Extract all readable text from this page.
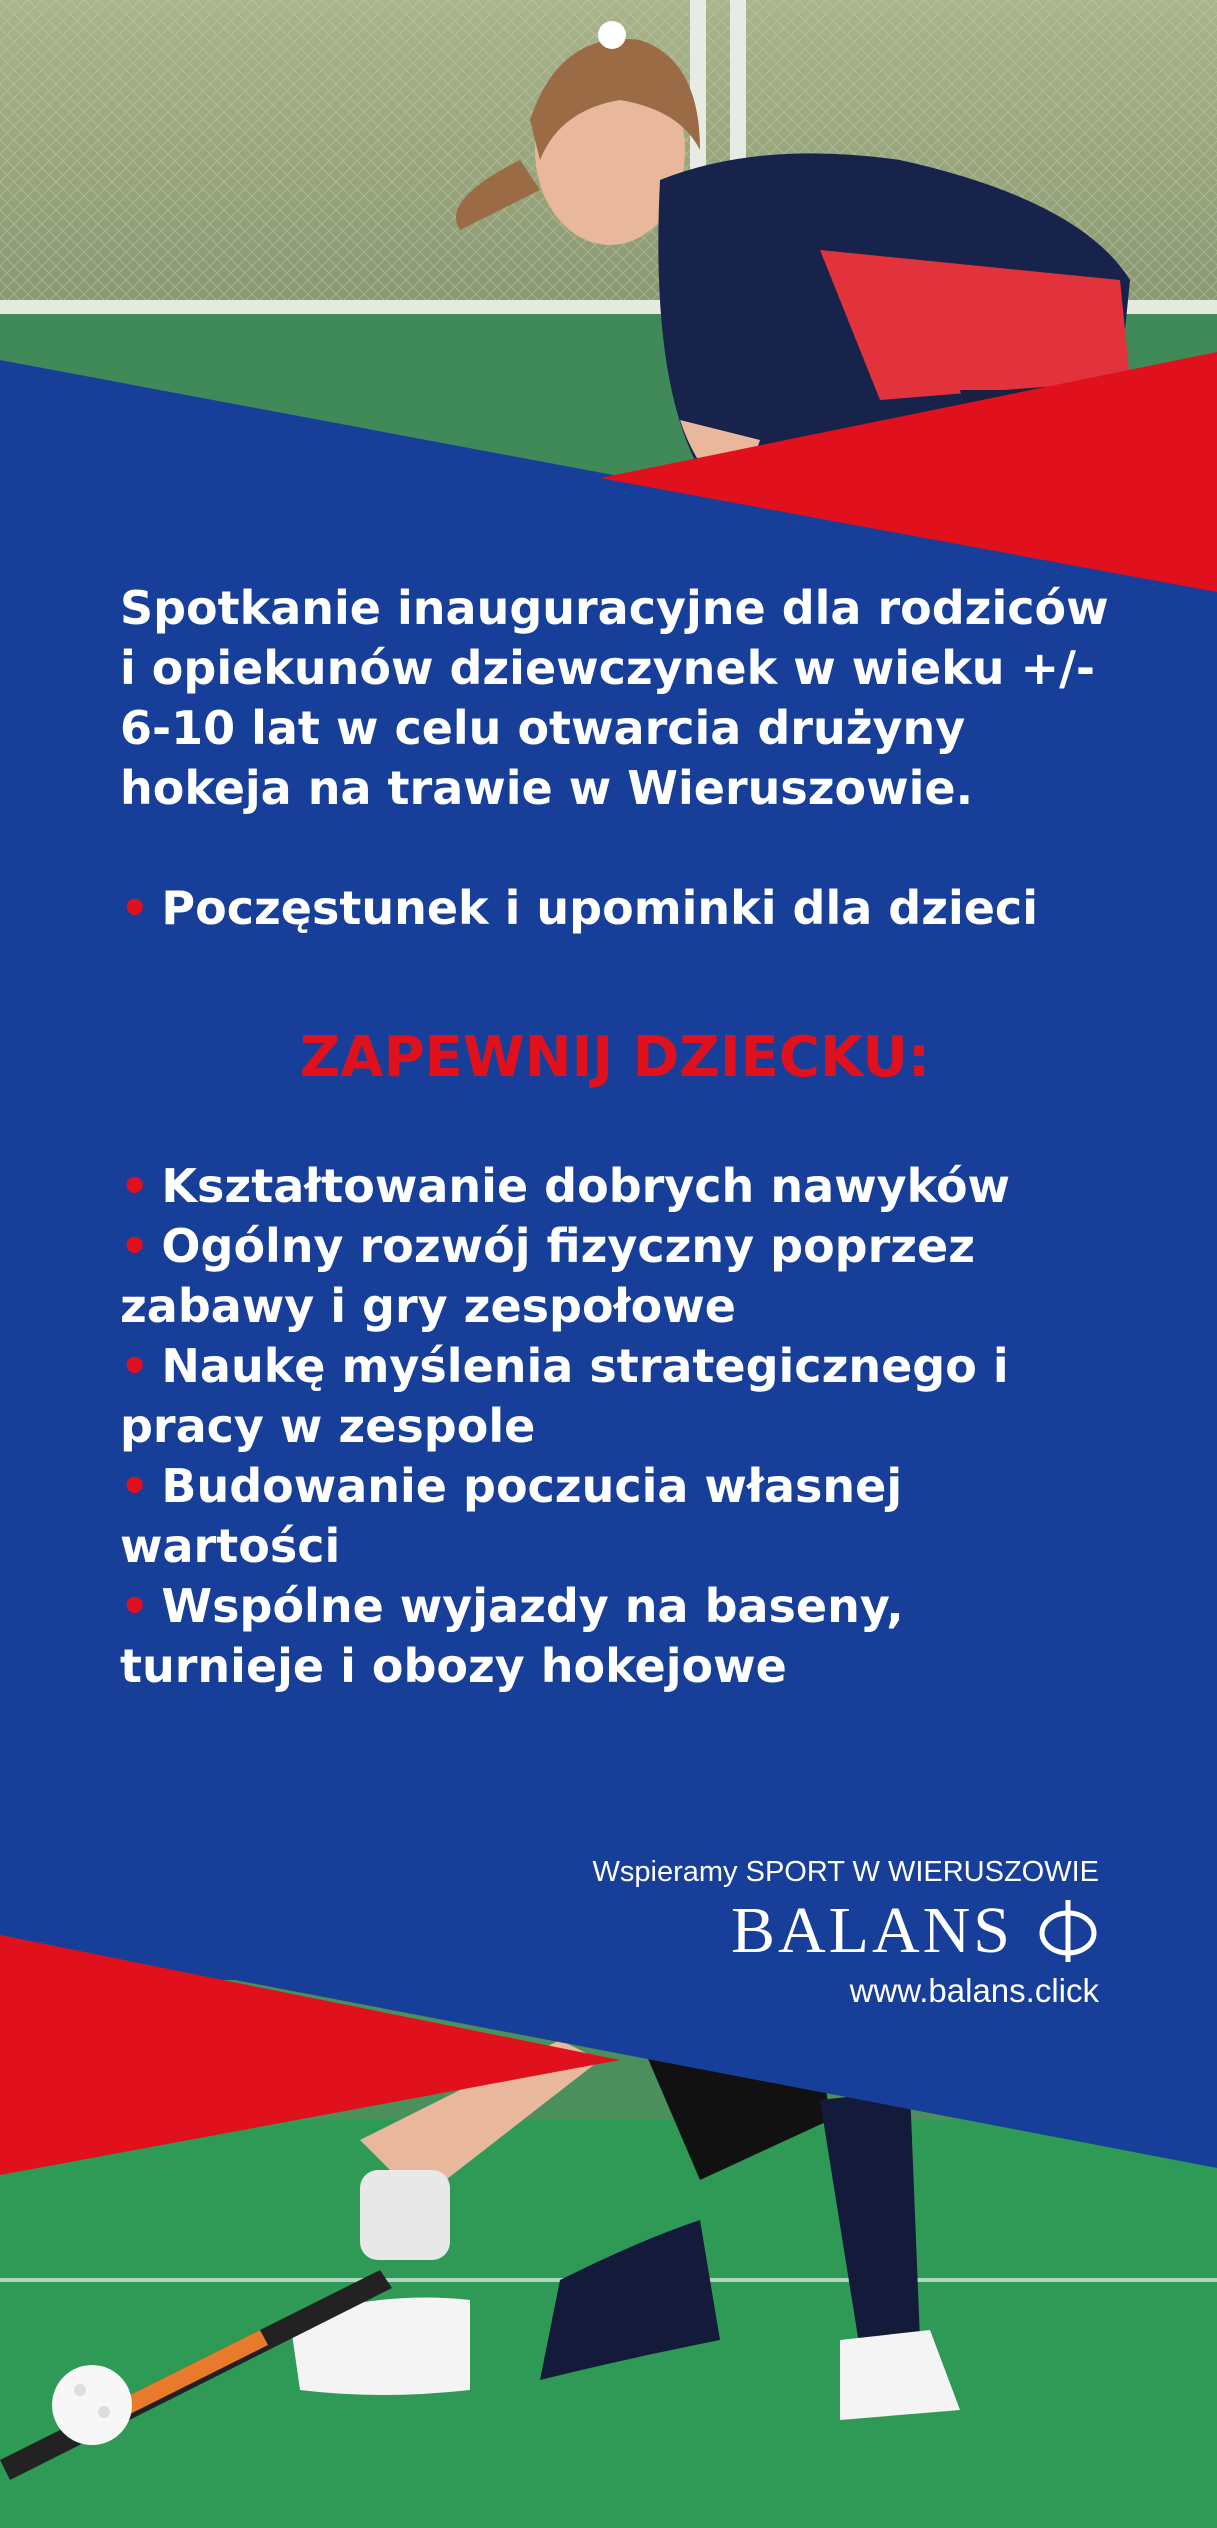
Spotkanie inauguracyjne dla rodziców i opiekunów dziewczynek w wieku +/- 6-10 lat w celu otwarcia drużyny hokeja na trawie w Wieruszowie.

• Poczęstunek i upominki dla dzieci

ZAPEWNIJ DZIECKU:

• Kształtowanie dobrych nawyków

• Ogólny rozwój fizyczny poprzez zabawy i gry zespołowe

• Naukę myślenia strategicznego i pracy w zespole

• Budowanie poczucia własnej wartości

• Wspólne wyjazdy na baseny, turnieje i obozy hokejowe

Wspieramy SPORT W WIERUSZOWIE

BALANS

www.balans.click
